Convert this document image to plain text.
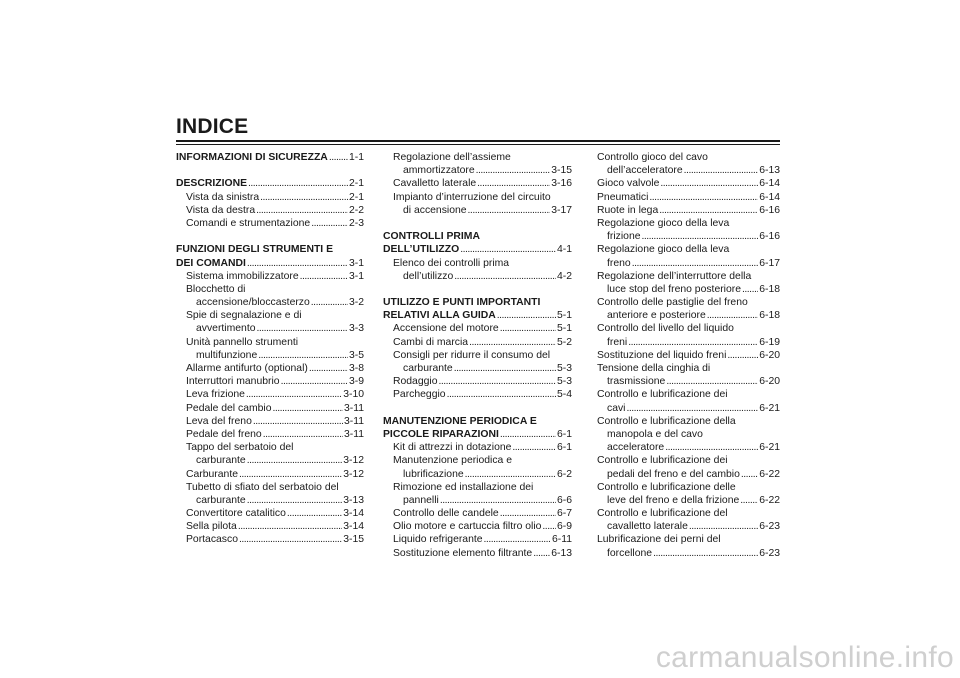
INDICE
INFORMAZIONI DI SICUREZZA ..... 1-1
DESCRIZIONE .....	2-1
Vista da sinistra .....	2-1
Vista da destra .....	2-2
Comandi e strumentazione .....	2-3
FUNZIONI DEGLI STRUMENTI E
DEI COMANDI .....	3-1
Sistema immobilizzatore .....	3-1
Blocchetto di
accensione/bloccasterzo .....	3-2
Spie di segnalazione e di
avvertimento .....	3-3
Unità pannello strumenti
multifunzione .....	3-5
Allarme antifurto (optional) .....	3-8
Interruttori manubrio .....	3-9
Leva frizione .....	3-10
Pedale del cambio .....	3-11
Leva del freno .....	3-11
Pedale del freno .....	3-11
Tappo del serbatoio del
carburante .....	3-12
Carburante .....	3-12
Tubetto di sfiato del serbatoio del
carburante .....	3-13
Convertitore catalitico .....	3-14
Sella pilota .....	3-14
Portacasco .....	3-15
Regolazione dell’assieme
ammortizzatore .....	3-15
Cavalletto laterale .....	3-16
Impianto d’interruzione del circuito
di accensione .....	3-17
CONTROLLI PRIMA
DELL’UTILIZZO .....	4-1
Elenco dei controlli prima
dell’utilizzo .....	4-2
UTILIZZO E PUNTI IMPORTANTI
RELATIVI ALLA GUIDA .....	5-1
Accensione del motore .....	5-1
Cambi di marcia .....	5-2
Consigli per ridurre il consumo del
carburante .....	5-3
Rodaggio .....	5-3
Parcheggio .....	5-4
MANUTENZIONE PERIODICA E
PICCOLE RIPARAZIONI .....	6-1
Kit di attrezzi in dotazione .....	6-1
Manutenzione periodica e
lubrificazione .....	6-2
Rimozione ed installazione dei
pannelli .....	6-6
Controllo delle candele .....	6-7
Olio motore e cartuccia filtro olio ..... 6-9
Liquido refrigerante .....	6-11
Sostituzione elemento filtrante ..... 6-13
Controllo gioco del cavo
dell’acceleratore .....	6-13
Gioco valvole .....	6-14
Pneumatici .....	6-14
Ruote in lega .....	6-16
Regolazione gioco della leva
frizione .....	6-16
Regolazione gioco della leva
freno .....	6-17
Regolazione dell’interruttore della
luce stop del freno posteriore ..... 6-18
Controllo delle pastiglie del freno
anteriore e posteriore .....	6-18
Controllo del livello del liquido
freni .....	6-19
Sostituzione del liquido freni .....	6-20
Tensione della cinghia di
trasmissione .....	6-20
Controllo e lubrificazione dei
cavi .....	6-21
Controllo e lubrificazione della
manopola e del cavo
acceleratore .....	6-21
Controllo e lubrificazione dei
pedali del freno e del cambio ..... 6-22
Controllo e lubrificazione delle
leve del freno e della frizione ..... 6-22
Controllo e lubrificazione del
cavalletto laterale .....	6-23
Lubrificazione dei perni del
forcellone .....	6-23

carmanualsonline.info
